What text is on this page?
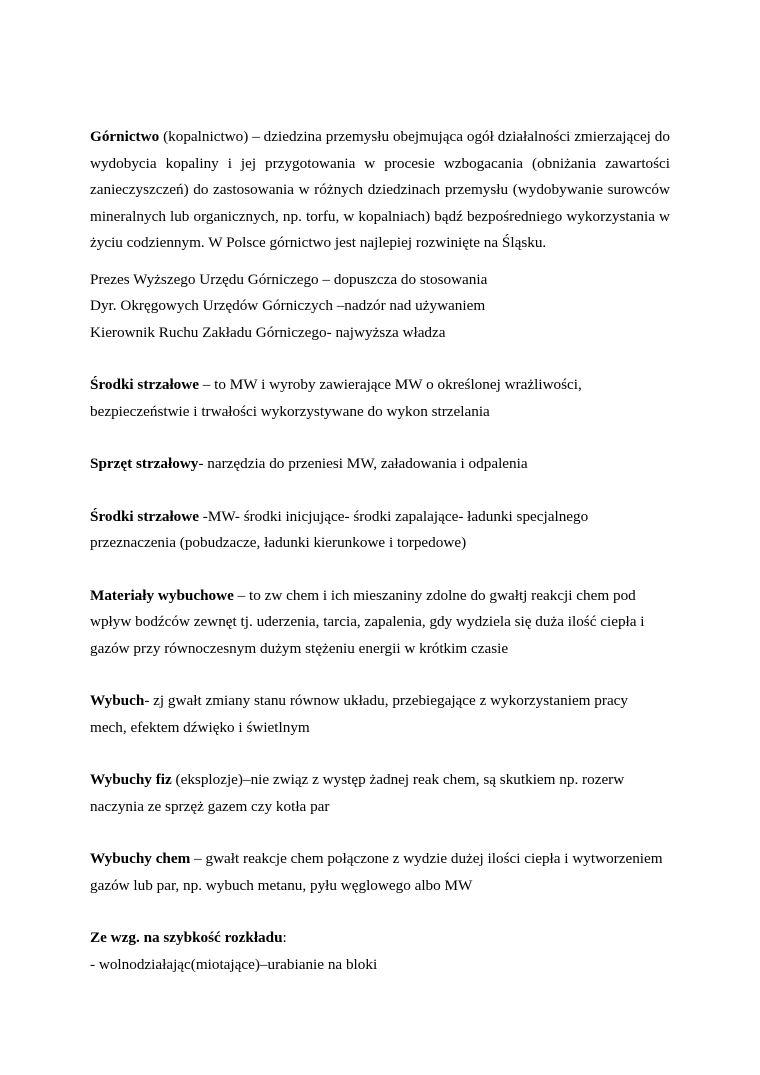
Górnictwo (kopalnictwo) – dziedzina przemysłu obejmująca ogół działalności zmierzającej do wydobycia kopaliny i jej przygotowania w procesie wzbogacania (obniżania zawartości zanieczyszczeń) do zastosowania w różnych dziedzinach przemysłu (wydobywanie surowców mineralnych lub organicznych, np. torfu, w kopalniach) bądź bezpośredniego wykorzystania w życiu codziennym. W Polsce górnictwo jest najlepiej rozwinięte na Śląsku.

Prezes Wyższego Urzędu Górniczego – dopuszcza do stosowania

Dyr. Okręgowych Urzędów Górniczych –nadzór nad używaniem

Kierownik Ruchu Zakładu Górniczego- najwyższa władza

Środki strzałowe – to MW i wyroby zawierające MW o określonej wrażliwości,

bezpieczeństwie i trwałości wykorzystywane do wykon strzelania

Sprzęt strzałowy- narzędzia do przeniesi MW, załadowania i odpalenia

Środki strzałowe -MW- środki inicjujące- środki zapalające- ładunki specjalnego

przeznaczenia (pobudzacze, ładunki kierunkowe i torpedowe)

Materiały wybuchowe – to zw chem i ich mieszaniny zdolne do gwałtj reakcji chem pod

wpływ bodźców zewnęt tj. uderzenia, tarcia, zapalenia, gdy wydziela się duża ilość ciepła i

gazów przy równoczesnym dużym stężeniu energii w krótkim czasie

Wybuch- zj gwałt zmiany stanu równow układu, przebiegające z wykorzystaniem pracy

mech, efektem dźwięko i świetlnym

Wybuchy fiz (eksplozje)–nie związ z występ żadnej reak chem, są skutkiem np. rozerw

naczynia ze sprzęż gazem czy kotła par

Wybuchy chem – gwałt reakcje chem połączone z wydzie dużej ilości ciepła i wytworzeniem

gazów lub par, np. wybuch metanu, pyłu węglowego albo MW

Ze wzg. na szybkość rozkładu:

- wolnodziałając(miotające)–urabianie na bloki
